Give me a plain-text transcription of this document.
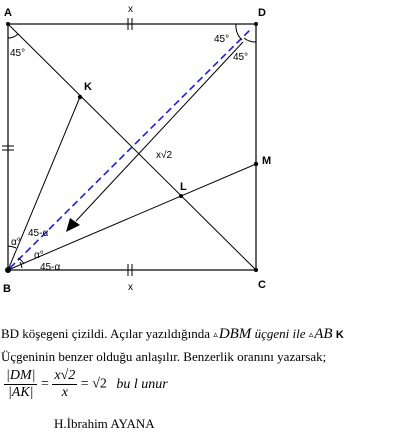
A	D
B	C
K
L
M
x
x
x√2
45°
45°
45°
α°
45-α
α°
45-α
BD köşegeni çizildi. Açılar yazıldığında ▵DBM üçgeni ile ▵AB K
Üçgeninin benzer olduğu anlaşılır. Benzerlik oranını yazarsak;
$\frac{|DM|}{|AK|} = \frac{x√2}{x} = √2$ bu l unur
H.İbrahim AYANA
